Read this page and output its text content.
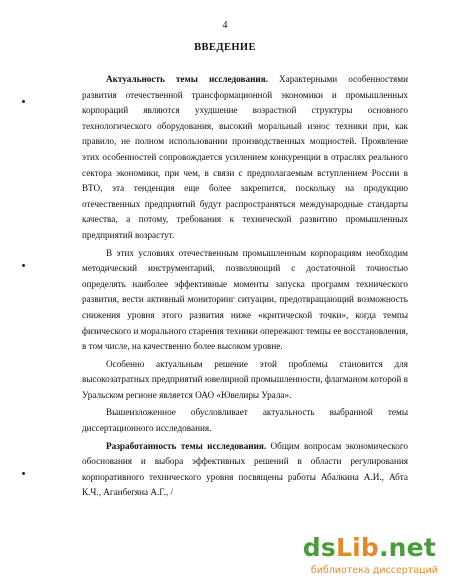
4
ВВЕДЕНИЕ

Актуальность темы исследования. Характерными особенностями развития отечественной трансформационной экономики и промышленных корпораций являются ухудшение возрастной структуры основного технологического оборудования, высокий моральный износ техники при, как правило, не полном использовании производственных мощностей. Проявление этих особенностей сопровождается усилением конкуренции в отраслях реального сектора экономики, при чем, в связи с предполагаемым вступлением России в ВТО, эта тенденция еще более закрепится, поскольку на продукцию отечественных предприятий будут распространяться международные стандарты качества, а потому, требования к технической развитию промышленных предприятий возрастут.

В этих условиях отечественным промышленным корпорациям необходим методический инструментарий, позволяющий с достаточной точностью определять наиболее эффективные моменты запуска программ технического развития, вести активный мониторинг ситуации, предотвращающий возможность снижения уровня этого развития ниже «критической точки», когда темпы физического и морального старения техники опережают темпы ее восстановления, в том числе, на качественно более высоком уровне.

Особенно актуальным решение этой проблемы становится для высокозатратных предприятий ювелирной промышленности, флагманом которой в Уральском регионе является ОАО «Ювелиры Урала».

Вышеизложенное обусловливает актуальность выбранной темы диссертационного исследования.

Разработанность темы исследования. Общим вопросам экономического обоснования и выбора эффективных решений в области регулирования корпоративного технического уровня посвящены работы Абалкина А.И., Абта К.Ч., Аганбегяна А.Г., /

dsLib.net
библиотека диссертаций
